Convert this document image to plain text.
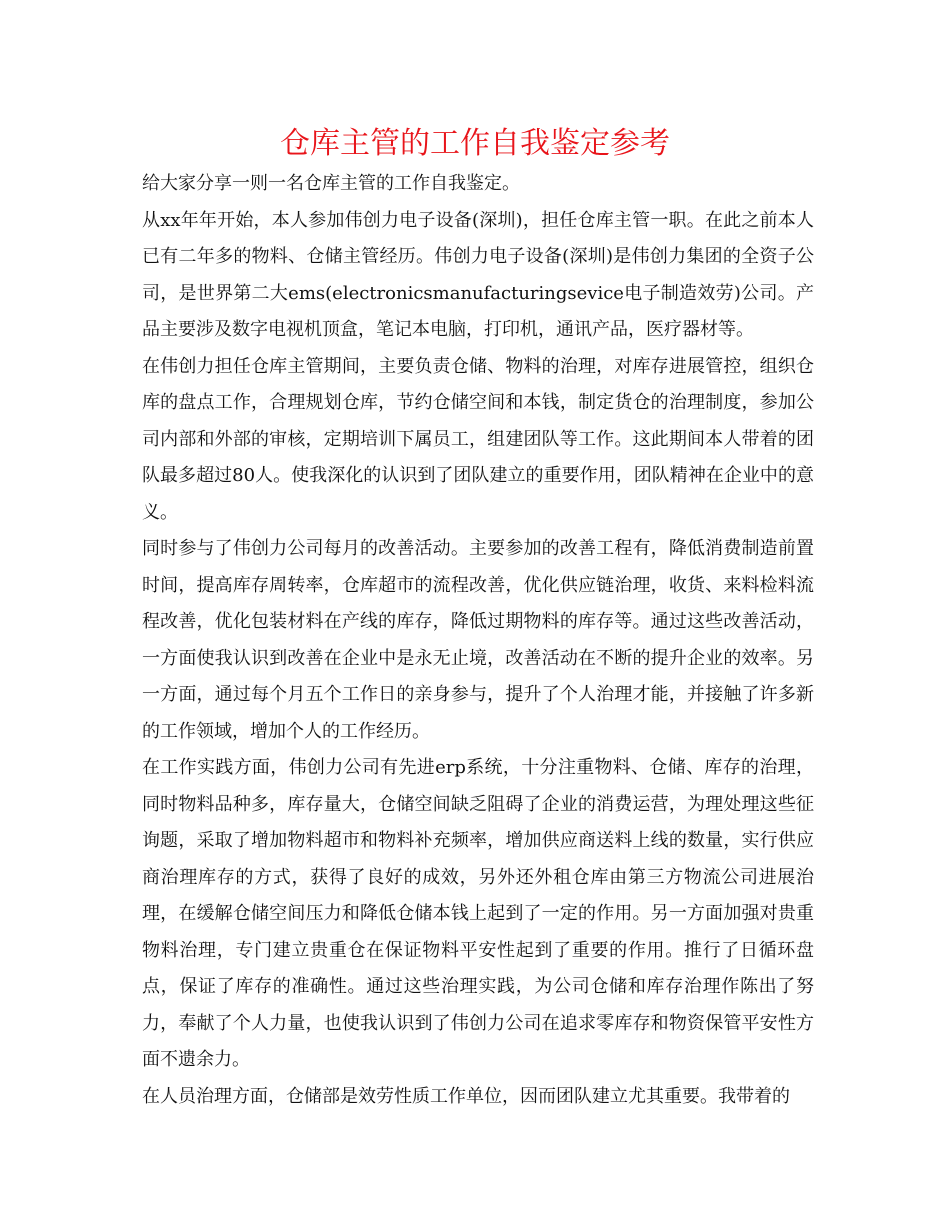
仓库主管的工作自我鉴定参考

给大家分享一则一名仓库主管的工作自我鉴定。

从xx年年开始，本人参加伟创力电子设备(深圳)，担任仓库主管一职。在此之前本人已有二年多的物料、仓储主管经历。伟创力电子设备(深圳)是伟创力集团的全资子公司，是世界第二大ems(electronicsmanufacturingsevice电子制造效劳)公司。产品主要涉及数字电视机顶盒，笔记本电脑，打印机，通讯产品，医疗器材等。

在伟创力担任仓库主管期间，主要负责仓储、物料的治理，对库存进展管控，组织仓库的盘点工作，合理规划仓库，节约仓储空间和本钱，制定货仓的治理制度，参加公司内部和外部的审核，定期培训下属员工，组建团队等工作。这此期间本人带着的团队最多超过80人。使我深化的认识到了团队建立的重要作用，团队精神在企业中的意义。

同时参与了伟创力公司每月的改善活动。主要参加的改善工程有，降低消费制造前置时间，提高库存周转率，仓库超市的流程改善，优化供应链治理，收货、来料检料流程改善，优化包装材料在产线的库存，降低过期物料的库存等。通过这些改善活动，一方面使我认识到改善在企业中是永无止境，改善活动在不断的提升企业的效率。另一方面，通过每个月五个工作日的亲身参与，提升了个人治理才能，并接触了许多新的工作领域，增加个人的工作经历。

在工作实践方面，伟创力公司有先进erp系统，十分注重物料、仓储、库存的治理，同时物料品种多，库存量大，仓储空间缺乏阻碍了企业的消费运营，为理处理这些征询题，采取了增加物料超市和物料补充频率，增加供应商送料上线的数量，实行供应商治理库存的方式，获得了良好的成效，另外还外租仓库由第三方物流公司进展治理，在缓解仓储空间压力和降低仓储本钱上起到了一定的作用。另一方面加强对贵重物料治理，专门建立贵重仓在保证物料平安性起到了重要的作用。推行了日循环盘点，保证了库存的准确性。通过这些治理实践，为公司仓储和库存治理作陈出了努力，奉献了个人力量，也使我认识到了伟创力公司在追求零库存和物资保管平安性方面不遗余力。

在人员治理方面，仓储部是效劳性质工作单位，因而团队建立尤其重要。我带着的
